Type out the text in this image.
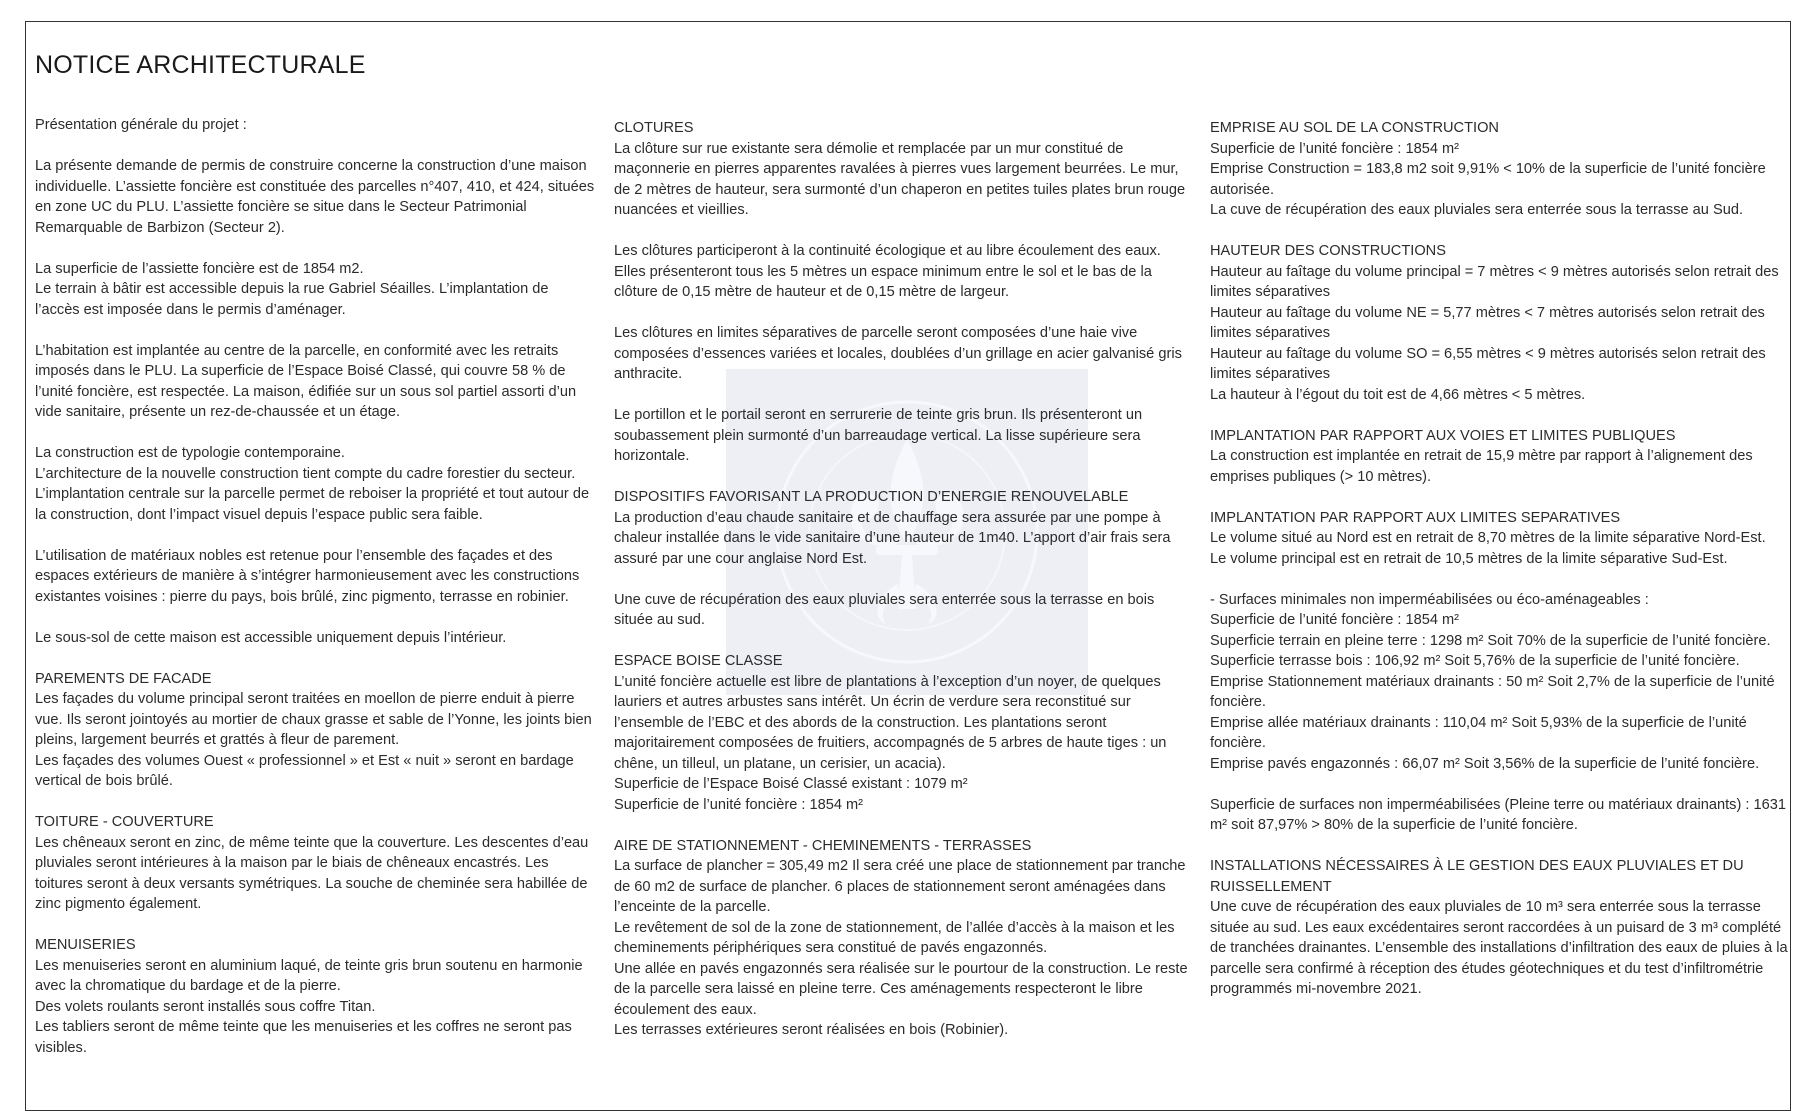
NOTICE ARCHITECTURALE

Présentation générale du projet :

La présente demande de permis de construire concerne la construction d’une maison individuelle. L’assiette foncière est constituée des parcelles n°407, 410, et 424, situées en zone UC du PLU. L’assiette foncière se situe dans le Secteur Patrimonial Remarquable de Barbizon (Secteur 2).

La superficie de l’assiette foncière est de 1854 m2.
Le terrain à bâtir est accessible depuis la rue Gabriel Séailles. L’implantation de l’accès est imposée dans le permis d’aménager.

L’habitation est implantée au centre de la parcelle, en conformité avec les retraits imposés dans le PLU. La superficie de l’Espace Boisé Classé, qui couvre 58 % de l’unité foncière, est respectée. La maison, édifiée sur un sous sol partiel assorti d’un vide sanitaire, présente un rez-de-chaussée et un étage.

La construction est de typologie contemporaine.
L’architecture de la nouvelle construction tient compte du cadre forestier du secteur. L’implantation centrale sur la parcelle permet de reboiser la propriété et tout autour de la construction, dont l’impact visuel depuis l’espace public sera faible.

L’utilisation de matériaux nobles est retenue pour l’ensemble des façades et des espaces extérieurs de manière à s’intégrer harmonieusement avec les constructions existantes voisines : pierre du pays, bois brûlé, zinc pigmento, terrasse en robinier.

Le sous-sol de cette maison est accessible uniquement depuis l’intérieur.

PAREMENTS DE FACADE
Les façades du volume principal seront traitées en moellon de pierre enduit à pierre vue. Ils seront jointoyés au mortier de chaux grasse et sable de l’Yonne, les joints bien pleins, largement beurrés et grattés à fleur de parement.
Les façades des volumes Ouest « professionnel » et Est « nuit » seront en bardage vertical de bois brûlé.

TOITURE - COUVERTURE
Les chêneaux seront en zinc, de même teinte que la couverture. Les descentes d’eau pluviales seront intérieures à la maison par le biais de chêneaux encastrés. Les toitures seront à deux versants symétriques. La souche de cheminée sera habillée de zinc pigmento également.

MENUISERIES
Les menuiseries seront en aluminium laqué, de teinte gris brun soutenu en harmonie avec la chromatique du bardage et de la pierre.
Des volets roulants seront installés sous coffre Titan.
Les tabliers seront de même teinte que les menuiseries et les coffres ne seront pas visibles.

CLOTURES
La clôture sur rue existante sera démolie et remplacée par un mur constitué de maçonnerie en pierres apparentes ravalées à pierres vues largement beurrées. Le mur, de 2 mètres de hauteur, sera surmonté d’un chaperon en petites tuiles plates brun rouge nuancées et vieillies.

Les clôtures participeront à la continuité écologique et au libre écoulement des eaux. Elles présenteront tous les 5 mètres un espace minimum entre le sol et le bas de la clôture de 0,15 mètre de hauteur et de 0,15 mètre de largeur.

Les clôtures en limites séparatives de parcelle seront composées d’une haie vive composées d’essences variées et locales, doublées d’un grillage en acier galvanisé gris anthracite.

Le portillon et le portail seront en serrurerie de teinte gris brun. Ils présenteront un soubassement plein surmonté d’un barreaudage vertical. La lisse supérieure sera horizontale.

DISPOSITIFS FAVORISANT LA PRODUCTION D’ENERGIE RENOUVELABLE
La production d’eau chaude sanitaire et de chauffage sera assurée par une pompe à chaleur installée dans le vide sanitaire d’une hauteur de 1m40. L’apport d’air frais sera assuré par une cour anglaise Nord Est.

Une cuve de récupération des eaux pluviales sera enterrée sous la terrasse en bois située au sud.

ESPACE BOISE CLASSE
L’unité foncière actuelle est libre de plantations à l’exception d’un noyer, de quelques lauriers et autres arbustes sans intérêt. Un écrin de verdure sera reconstitué sur l’ensemble de l’EBC et des abords de la construction. Les plantations seront majoritairement composées de fruitiers, accompagnés de 5 arbres de haute tiges : un chêne, un tilleul, un platane, un cerisier, un acacia).
Superficie de l’Espace Boisé Classé existant : 1079 m²
Superficie de l’unité foncière : 1854 m²

AIRE DE STATIONNEMENT - CHEMINEMENTS - TERRASSES
La surface de plancher = 305,49 m2 Il sera créé une place de stationnement par tranche de 60 m2 de surface de plancher. 6 places de stationnement seront aménagées dans l’enceinte de la parcelle.
Le revêtement de sol de la zone de stationnement, de l’allée d’accès à la maison et les cheminements périphériques sera constitué de pavés engazonnés.
Une allée en pavés engazonnés sera réalisée sur le pourtour de la construction. Le reste de la parcelle sera laissé en pleine terre. Ces aménagements respecteront le libre écoulement des eaux.
Les terrasses extérieures seront réalisées en bois (Robinier).

EMPRISE AU SOL DE LA CONSTRUCTION
Superficie de l’unité foncière : 1854 m²
Emprise Construction = 183,8 m2 soit 9,91% < 10% de la superficie de l’unité foncière autorisée.
La cuve de récupération des eaux pluviales sera enterrée sous la terrasse au Sud.

HAUTEUR DES CONSTRUCTIONS
Hauteur au faîtage du volume principal = 7 mètres < 9 mètres autorisés selon retrait des limites séparatives
Hauteur au faîtage du volume NE = 5,77 mètres < 7 mètres autorisés selon retrait des limites séparatives
Hauteur au faîtage du volume SO = 6,55 mètres < 9 mètres autorisés selon retrait des limites séparatives
La hauteur à l’égout du toit est de 4,66 mètres < 5 mètres.

IMPLANTATION PAR RAPPORT AUX VOIES ET LIMITES PUBLIQUES
La construction est implantée en retrait de 15,9 mètre par rapport à l’alignement des emprises publiques (> 10 mètres).

IMPLANTATION PAR RAPPORT AUX LIMITES SEPARATIVES
Le volume situé au Nord est en retrait de 8,70 mètres de la limite séparative Nord-Est.
Le volume principal est en retrait de 10,5 mètres de la limite séparative Sud-Est.

- Surfaces minimales non imperméabilisées ou éco-aménageables :
Superficie de l’unité foncière : 1854 m²
Superficie terrain en pleine terre : 1298 m² Soit 70% de la superficie de l’unité foncière.
Superficie terrasse bois : 106,92 m² Soit 5,76% de la superficie de l’unité foncière.
Emprise Stationnement matériaux drainants : 50 m² Soit 2,7% de la superficie de l’unité foncière.
Emprise allée matériaux drainants : 110,04 m² Soit 5,93% de la superficie de l’unité foncière.
Emprise pavés engazonnés : 66,07 m² Soit 3,56% de la superficie de l’unité foncière.

Superficie de surfaces non imperméabilisées (Pleine terre ou matériaux drainants) : 1631 m² soit 87,97% > 80% de la superficie de l’unité foncière.

INSTALLATIONS NÉCESSAIRES À LE GESTION DES EAUX PLUVIALES ET DU RUISSELLEMENT
Une cuve de récupération des eaux pluviales de 10 m³ sera enterrée sous la terrasse située au sud. Les eaux excédentaires seront raccordées à un puisard de 3 m³ complété de tranchées drainantes. L’ensemble des installations d’infiltration des eaux de pluies à la parcelle sera confirmé à réception des études géotechniques et du test d’infiltrométrie programmés mi-novembre 2021.
